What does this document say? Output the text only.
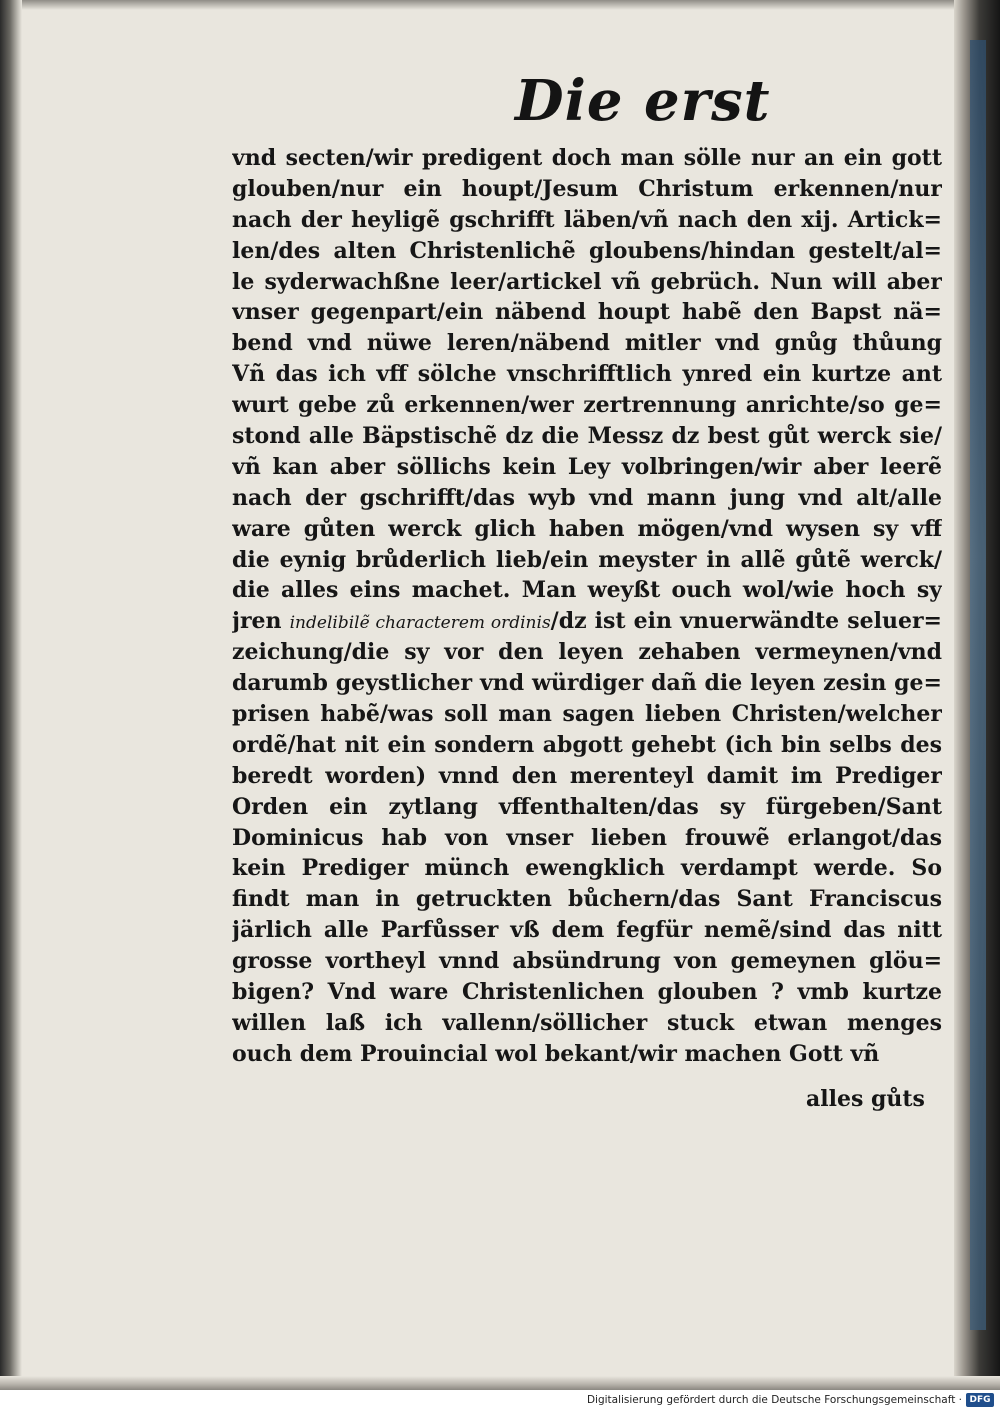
Die erst
vnd secten/wir predigent doch man sölle nur an ein gott
glouben/nur ein houpt/Jesum Christum erkennen/nur
nach der heyligẽ gschrifft läben/vñ nach den xij. Artick=
len/des alten Christenlichẽ gloubens/hindan gestelt/al=
le syderwachßne leer/artickel vñ gebrüch. Nun will aber
vnser gegenpart/ein näbend houpt habẽ den Bapst nä=
bend vnd nüwe leren/näbend mitler vnd gnůg thůung
Vñ das ich vff sölche vnschrifftlich ynred ein kurtze ant
wurt gebe zů erkennen/wer zertrennung anrichte/so ge=
stond alle Bäpstischẽ dz die Messz dz best gůt werck sie/
vñ kan aber söllichs kein Ley volbringen/wir aber leerẽ
nach der gschrifft/das wyb vnd mann jung vnd alt/alle
ware gůten werck glich haben mögen/vnd wysen sy vff
die eynig brůderlich lieb/ein meyster in allẽ gůtẽ werck/
die alles eins machet. Man weyßt ouch wol/wie hoch sy
jren indelibilẽ characterem ordinis/dz ist ein vnuerwändte seluer=
zeichung/die sy vor den leyen zehaben vermeynen/vnd
darumb geystlicher vnd würdiger dañ die leyen zesin ge=
prisen habẽ/was soll man sagen lieben Christen/welcher
ordẽ/hat nit ein sondern abgott gehebt (ich bin selbs des
beredt worden) vnnd den merenteyl damit im Prediger
Orden ein zytlang vffenthalten/das sy fürgeben/Sant
Dominicus hab von vnser lieben frouwẽ erlangot/das
kein Prediger münch ewengklich verdampt werde. So
findt man in getruckten bůchern/das Sant Franciscus
järlich alle Parfůsser vß dem fegfür nemẽ/sind das nitt
grosse vortheyl vnnd absündrung von gemeynen glöu=
bigen? Vnd ware Christenlichen glouben ? vmb kurtze
willen laß ich vallenn/söllicher stuck etwan menges
ouch dem Prouincial wol bekant/wir machen Gott vñ
alles gůts
Digitalisierung gefördert durch die Deutsche Forschungsgemeinschaft · DFG
